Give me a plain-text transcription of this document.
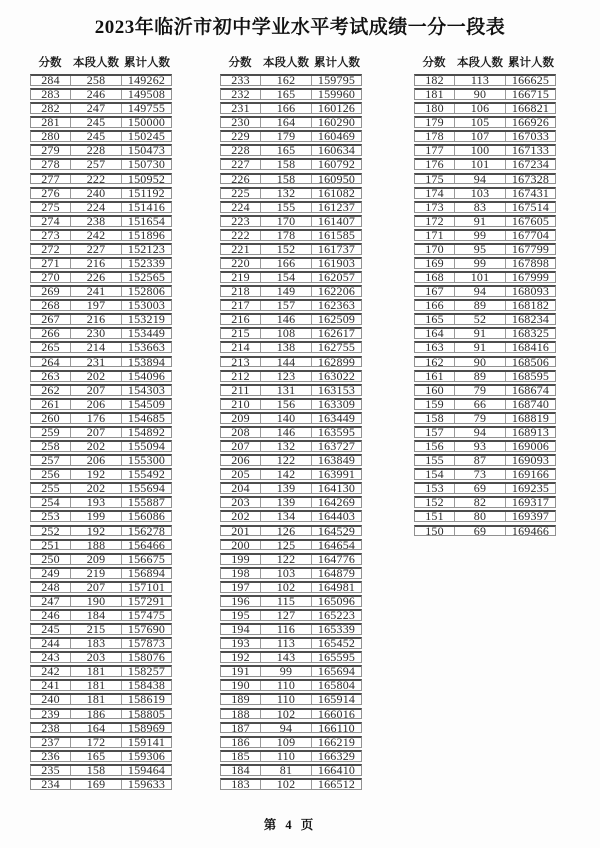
2023年临沂市初中学业水平考试成绩一分一段表
分数	本段人数 累计人数
284	258	149262
283	246	149508
282	247	149755
281	245	150000
280	245	150245
279	228	150473
278	257	150730
277	222	150952
276	240	151192
275	224	151416
274	238	151654
273	242	151896
272	227	152123
271	216	152339
270	226	152565
269	241	152806
268	197	153003
267	216	153219
266	230	153449
265	214	153663
264	231	153894
263	202	154096
262	207	154303
261	206	154509
260	176	154685
259	207	154892
258	202	155094
257	206	155300
256	192	155492
255	202	155694
254	193	155887
253	199	156086
252	192	156278
251	188	156466
250	209	156675
249	219	156894
248	207	157101
247	190	157291
246	184	157475
245	215	157690
244	183	157873
243	203	158076
242	181	158257
241	181	158438
240	181	158619
239	186	158805
238	164	158969
237	172	159141
236	165	159306
235	158	159464
234	169	159633
分数	本段人数 累计人数
233	162	159795
232	165	159960
231	166	160126
230	164	160290
229	179	160469
228	165	160634
227	158	160792
226	158	160950
225	132	161082
224	155	161237
223	170	161407
222	178	161585
221	152	161737
220	166	161903
219	154	162057
218	149	162206
217	157	162363
216	146	162509
215	108	162617
214	138	162755
213	144	162899
212	123	163022
211	131	163153
210	156	163309
209	140	163449
208	146	163595
207	132	163727
206	122	163849
205	142	163991
204	139	164130
203	139	164269
202	134	164403
201	126	164529
200	125	164654
199	122	164776
198	103	164879
197	102	164981
196	115	165096
195	127	165223
194	116	165339
193	113	165452
192	143	165595
191	99	165694
190	110	165804
189	110	165914
188	102	166016
187	94	166110
186	109	166219
185	110	166329
184	81	166410
183	102	166512
分数	本段人数 累计人数
182	113	166625
181	90	166715
180	106	166821
179	105	166926
178	107	167033
177	100	167133
176	101	167234
175	94	167328
174	103	167431
173	83	167514
172	91	167605
171	99	167704
170	95	167799
169	99	167898
168	101	167999
167	94	168093
166	89	168182
165	52	168234
164	91	168325
163	91	168416
162	90	168506
161	89	168595
160	79	168674
159	66	168740
158	79	168819
157	94	168913
156	93	169006
155	87	169093
154	73	169166
153	69	169235
152	82	169317
151	80	169397
150	69	169466
第 4 页
